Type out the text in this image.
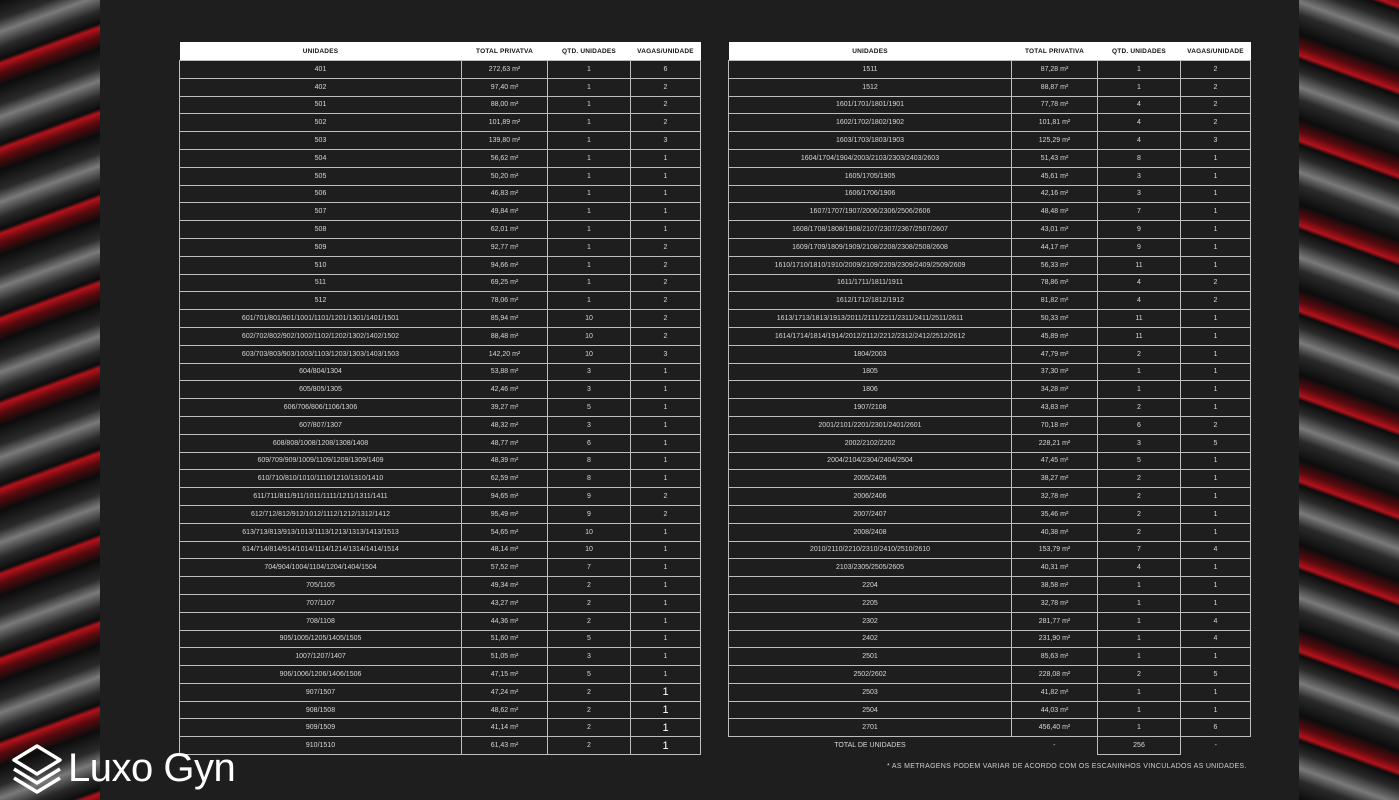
UNIDADES	TOTAL PRIVATVA	QTD. UNIDADES	VAGAS/UNIDADE
401	272,63 m²	1	6
402	97,40 m²	1	2
501	88,00 m²	1	2
502	101,89 m²	1	2
503	139,80 m²	1	3
504	56,62 m²	1	1
505	50,20 m²	1	1
506	46,83 m²	1	1
507	49,84 m²	1	1
508	62,01 m²	1	1
509	92,77 m²	1	2
510	94,66 m²	1	2
511	69,25 m²	1	2
512	78,06 m²	1	2
601/701/801/901/1001/1101/1201/1301/1401/1501	85,94 m²	10	2
602/702/802/902/1002/1102/1202/1302/1402/1502	88,48 m²	10	2
603/703/803/903/1003/1103/1203/1303/1403/1503	142,20 m²	10	3
604/804/1304	53,88 m²	3	1
605/805/1305	42,46 m²	3	1
606/706/806/1106/1306	39,27 m²	5	1
607/807/1307	48,32 m²	3	1
608/808/1008/1208/1308/1408	48,77 m²	6	1
609/709/909/1009/1109/1209/1309/1409	48,39 m²	8	1
610/710/810/1010/1110/1210/1310/1410	62,59 m²	8	1
611/711/811/911/1011/1111/1211/1311/1411	94,65 m²	9	2
612/712/812/912/1012/1112/1212/1312/1412	95,49 m²	9	2
613/713/813/913/1013/1113/1213/1313/1413/1513	54,65 m²	10	1
614/714/814/914/1014/1114/1214/1314/1414/1514	48,14 m²	10	1
704/904/1004/1104/1204/1404/1504	57,52 m²	7	1
705/1105	49,34 m²	2	1
707/1107	43,27 m²	2	1
708/1108	44,36 m²	2	1
905/1005/1205/1405/1505	51,60 m²	5	1
1007/1207/1407	51,05 m²	3	1
906/1006/1206/1406/1506	47,15 m²	5	1
907/1507	47,24 m²	2	1
908/1508	48,62 m²	2	1
909/1509	41,14 m²	2	1
910/1510	61,43 m²	2	1
UNIDADES	TOTAL PRIVATIVA	QTD. UNIDADES	VAGAS/UNIDADE
1511	87,28 m²	1	2
1512	88,87 m²	1	2
1601/1701/1801/1901	77,78 m²	4	2
1602/1702/1802/1902	101,81 m²	4	2
1603/1703/1803/1903	125,29 m²	4	3
1604/1704/1904/2003/2103/2303/2403/2603	51,43 m²	8	1
1605/1705/1905	45,61 m²	3	1
1606/1706/1906	42,16 m²	3	1
1607/1707/1907/2006/2306/2506/2606	48,48 m²	7	1
1608/1708/1808/1908/2107/2307/2367/2507/2607	43,01 m²	9	1
1609/1709/1809/1909/2108/2208/2308/2508/2608	44,17 m²	9	1
1610/1710/1810/1910/2009/2109/2209/2309/2409/2509/2609	56,33 m²	11	1
1611/1711/1811/1911	78,86 m²	4	2
1612/1712/1812/1912	81,82 m²	4	2
1613/1713/1813/1913/2011/2111/2211/2311/2411/2511/2611	50,33 m²	11	1
1614/1714/1814/1914/2012/2112/2212/2312/2412/2512/2612	45,89 m²	11	1
1804/2003	47,79 m²	2	1
1805	37,30 m²	1	1
1806	34,28 m²	1	1
1907/2108	43,83 m²	2	1
2001/2101/2201/2301/2401/2601	70,18 m²	6	2
2002/2102/2202	228,21 m²	3	5
2004/2104/2304/2404/2504	47,45 m²	5	1
2005/2405	38,27 m²	2	1
2006/2406	32,78 m²	2	1
2007/2407	35,46 m²	2	1
2008/2408	40,38 m²	2	1
2010/2110/2210/2310/2410/2510/2610	153,79 m²	7	4
2103/2305/2505/2605	40,31 m²	4	1
2204	38,58 m²	1	1
2205	32,78 m²	1	1
2302	281,77 m²	1	4
2402	231,90 m²	1	4
2501	85,63 m²	1	1
2502/2602	228,08 m²	2	5
2503	41,82 m²	1	1
2504	44,03 m²	1	1
2701	456,40 m²	1	6
TOTAL DE UNIDADES	-	256	-
* AS METRAGENS PODEM VARIAR DE ACORDO COM OS ESCANINHOS VINCULADOS AS UNIDADES.
Luxo Gyn
